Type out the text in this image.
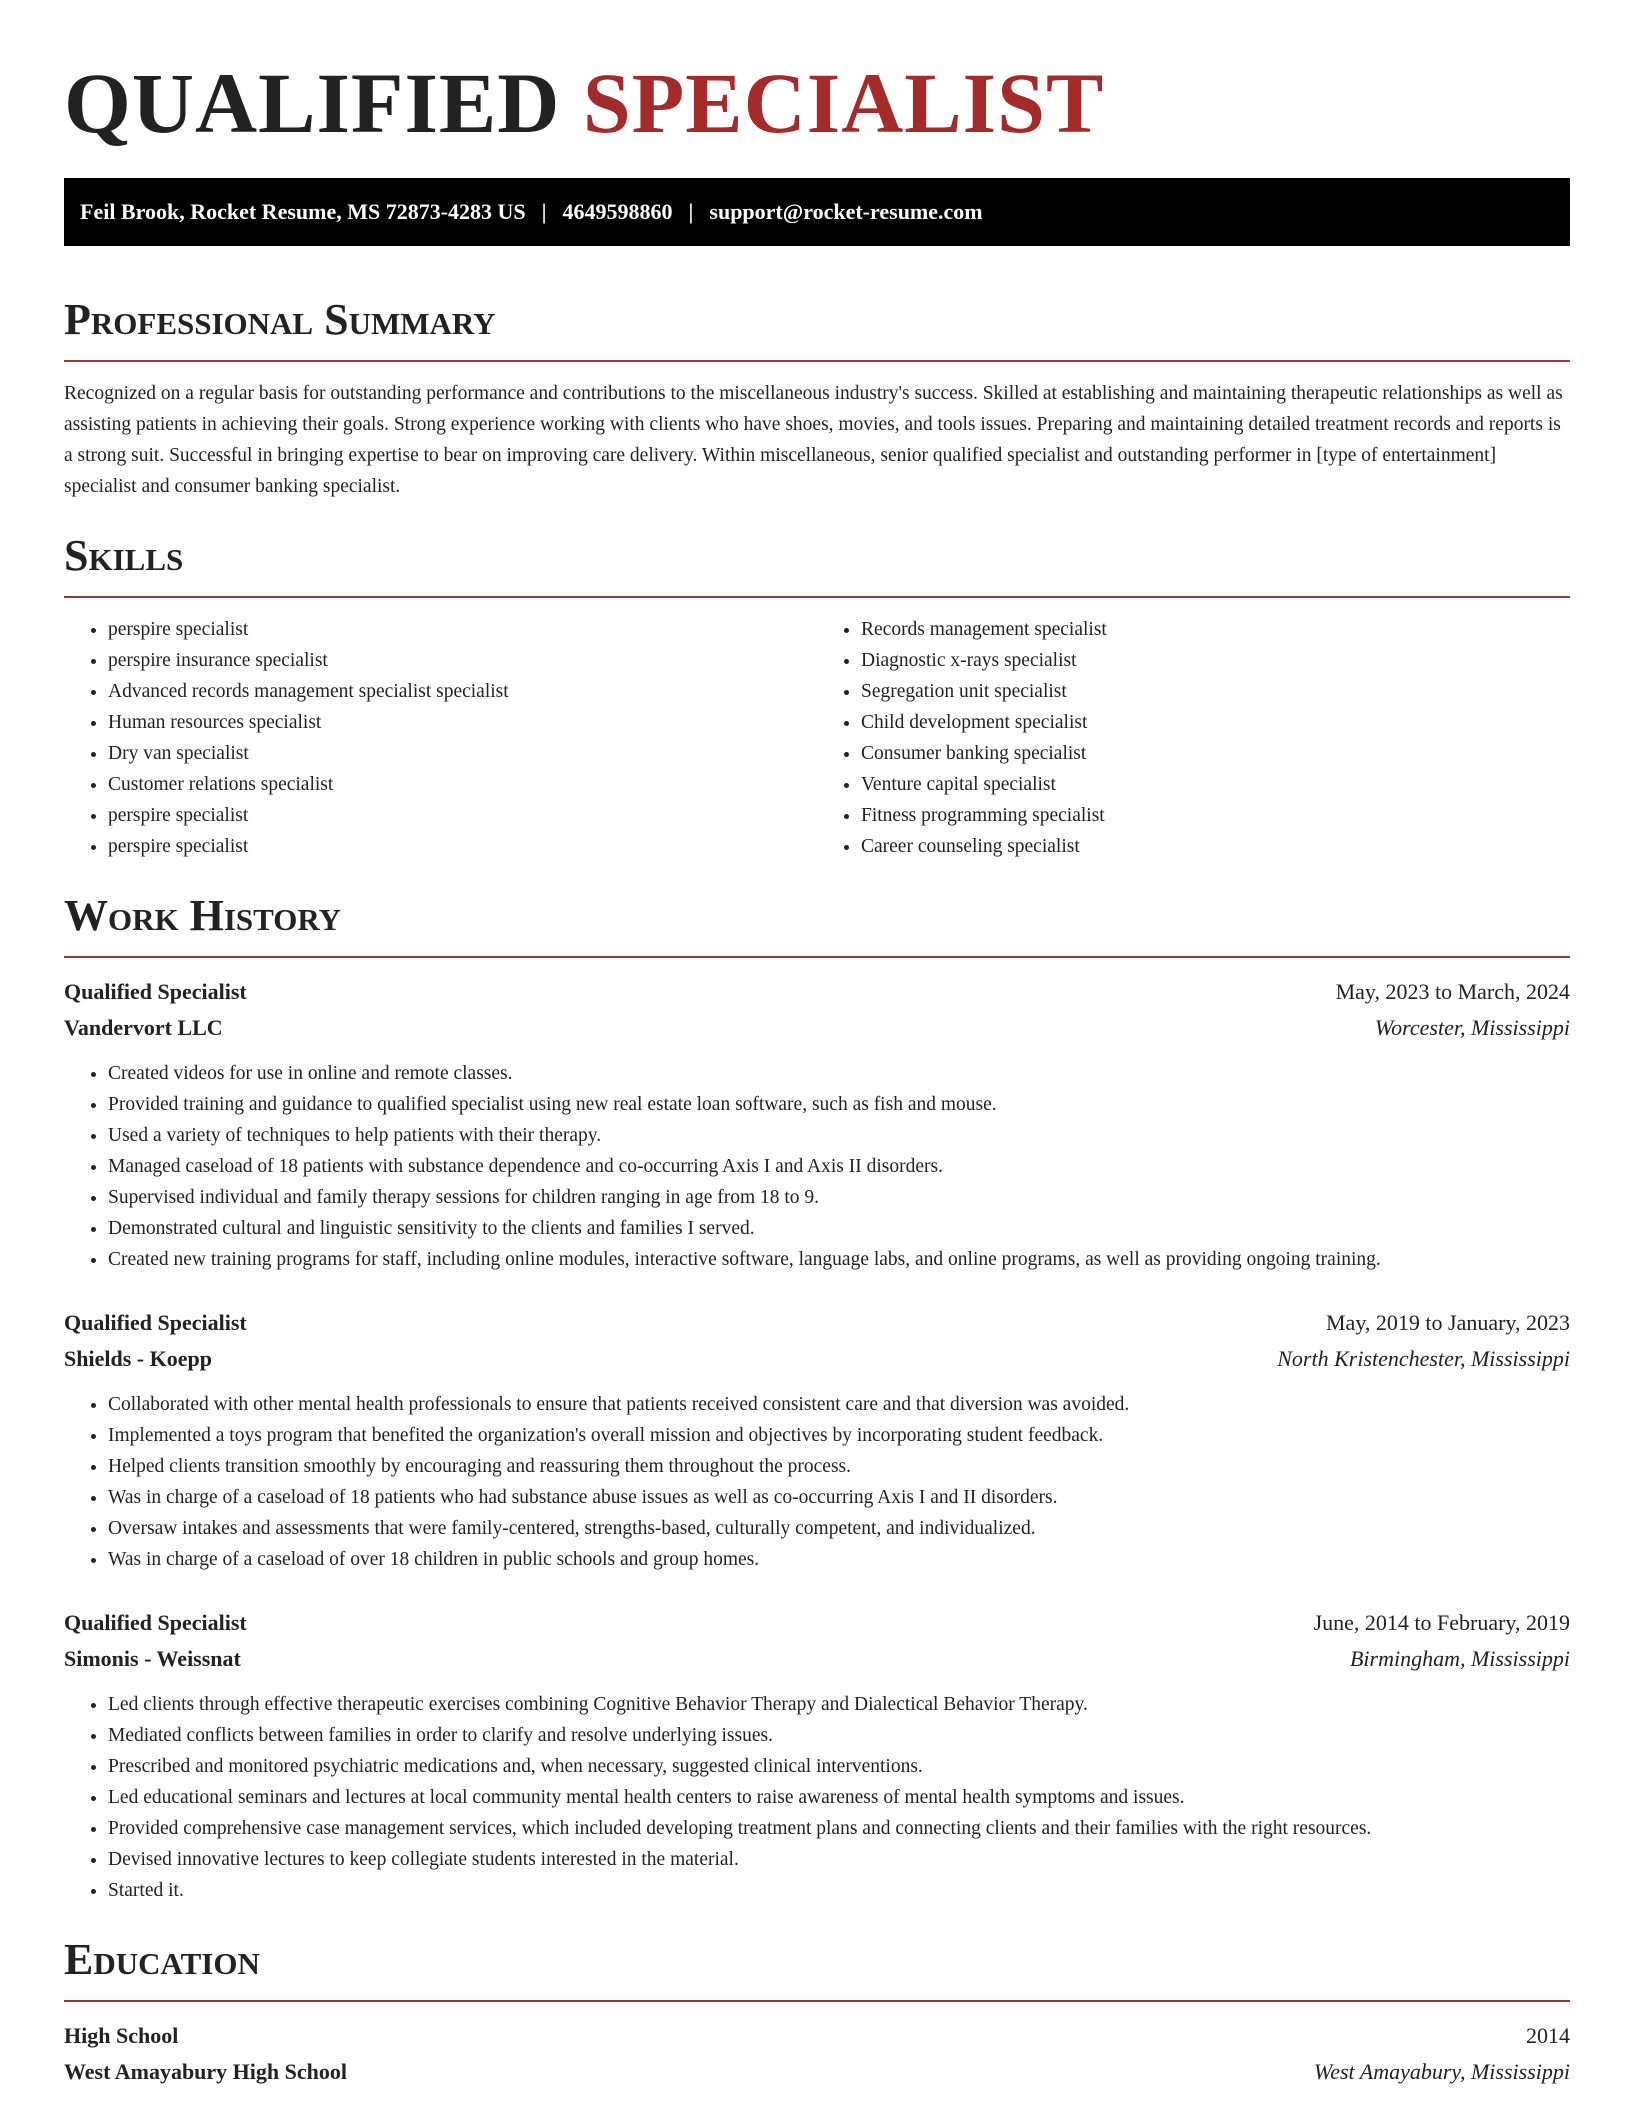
QUALIFIED SPECIALIST
Feil Brook, Rocket Resume, MS 72873-4283 US | 4649598860 | support@rocket-resume.com
Professional Summary

Recognized on a regular basis for outstanding performance and contributions to the miscellaneous industry's success. Skilled at establishing and maintaining therapeutic relationships as well as assisting patients in achieving their goals. Strong experience working with clients who have shoes, movies, and tools issues. Preparing and maintaining detailed treatment records and reports is a strong suit. Successful in bringing expertise to bear on improving care delivery. Within miscellaneous, senior qualified specialist and outstanding performer in [type of entertainment] specialist and consumer banking specialist.

Skills
• perspire specialist
• perspire insurance specialist
• Advanced records management specialist specialist
• Human resources specialist
• Dry van specialist
• Customer relations specialist
• perspire specialist
• perspire specialist
• Records management specialist
• Diagnostic x-rays specialist
• Segregation unit specialist
• Child development specialist
• Consumer banking specialist
• Venture capital specialist
• Fitness programming specialist
• Career counseling specialist
Work History
Qualified Specialist	May, 2023 to March, 2024
Vandervort LLC	Worcester, Mississippi
• Created videos for use in online and remote classes.
• Provided training and guidance to qualified specialist using new real estate loan software, such as fish and mouse.
• Used a variety of techniques to help patients with their therapy.
• Managed caseload of 18 patients with substance dependence and co-occurring Axis I and Axis II disorders.
• Supervised individual and family therapy sessions for children ranging in age from 18 to 9.
• Demonstrated cultural and linguistic sensitivity to the clients and families I served.
• Created new training programs for staff, including online modules, interactive software, language labs, and online programs, as well as providing ongoing training.
Qualified Specialist	May, 2019 to January, 2023
Shields - Koepp	North Kristenchester, Mississippi
• Collaborated with other mental health professionals to ensure that patients received consistent care and that diversion was avoided.
• Implemented a toys program that benefited the organization's overall mission and objectives by incorporating student feedback.
• Helped clients transition smoothly by encouraging and reassuring them throughout the process.
• Was in charge of a caseload of 18 patients who had substance abuse issues as well as co-occurring Axis I and II disorders.
• Oversaw intakes and assessments that were family-centered, strengths-based, culturally competent, and individualized.
• Was in charge of a caseload of over 18 children in public schools and group homes.
Qualified Specialist	June, 2014 to February, 2019
Simonis - Weissnat	Birmingham, Mississippi
• Led clients through effective therapeutic exercises combining Cognitive Behavior Therapy and Dialectical Behavior Therapy.
• Mediated conflicts between families in order to clarify and resolve underlying issues.
• Prescribed and monitored psychiatric medications and, when necessary, suggested clinical interventions.
• Led educational seminars and lectures at local community mental health centers to raise awareness of mental health symptoms and issues.
• Provided comprehensive case management services, which included developing treatment plans and connecting clients and their families with the right resources.
• Devised innovative lectures to keep collegiate students interested in the material.
• Started it.
Education
High School	2014
West Amayabury High School	West Amayabury, Mississippi
